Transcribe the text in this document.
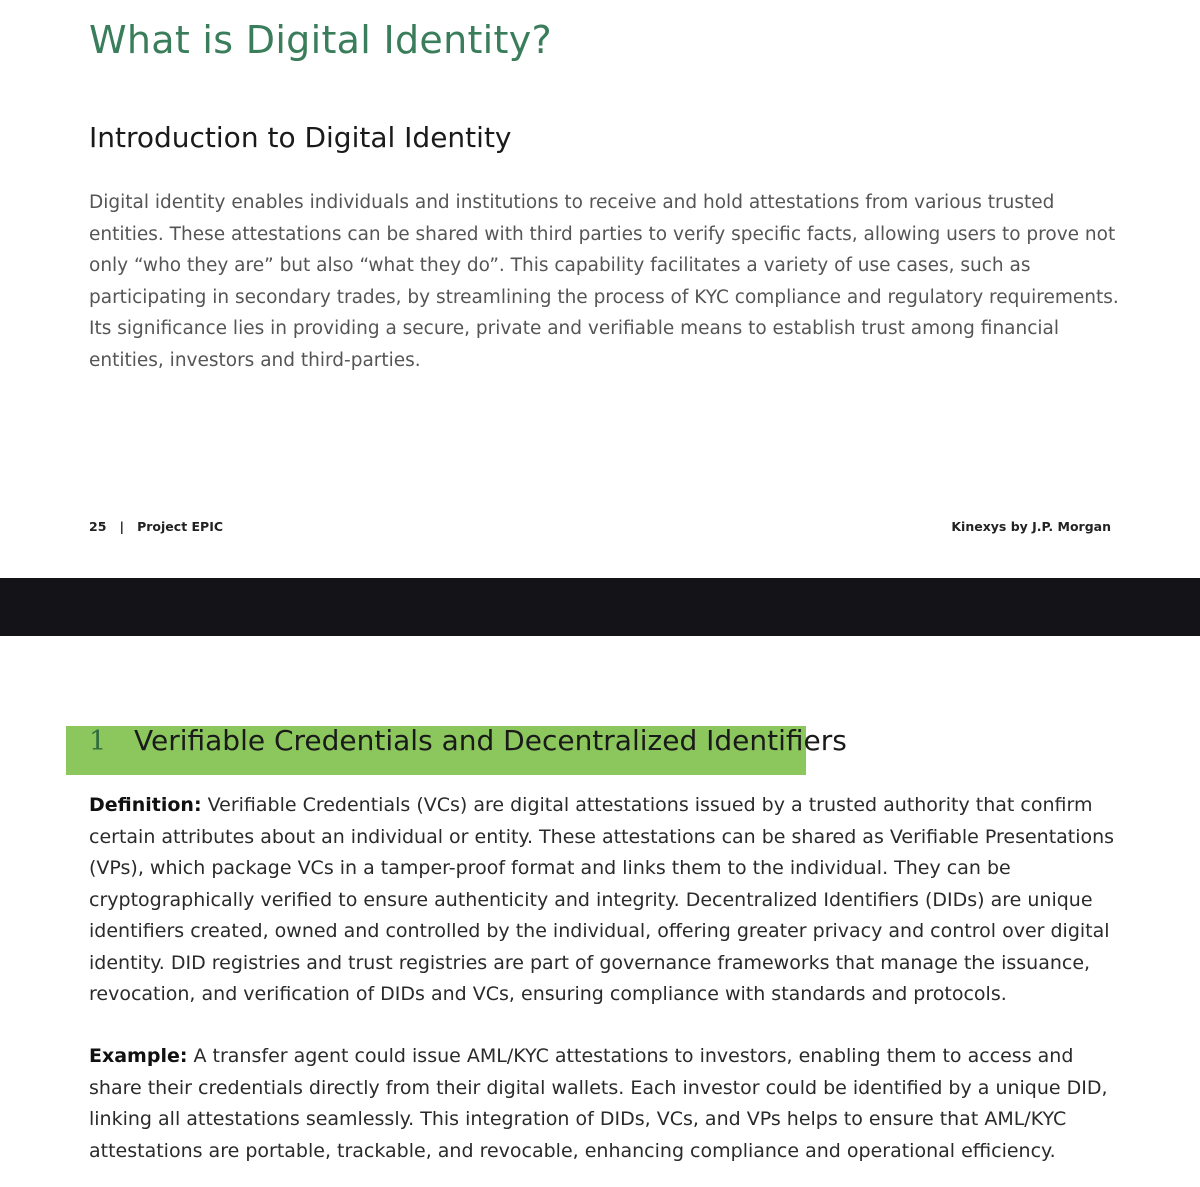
What is Digital Identity?
Introduction to Digital Identity

Digital identity enables individuals and institutions to receive and hold attestations from various trusted entities. These attestations can be shared with third parties to verify specific facts, allowing users to prove not only “who they are” but also “what they do”. This capability facilitates a variety of use cases, such as participating in secondary trades, by streamlining the process of KYC compliance and regulatory requirements. Its significance lies in providing a secure, private and verifiable means to establish trust among financial entities, investors and third-parties.

25 | Project EPIC	Kinexys by J.P. Morgan
1 Verifiable Credentials and Decentralized Identifiers

Definition: Verifiable Credentials (VCs) are digital attestations issued by a trusted authority that confirm certain attributes about an individual or entity. These attestations can be shared as Verifiable Presentations (VPs), which package VCs in a tamper-proof format and links them to the individual. They can be cryptographically verified to ensure authenticity and integrity. Decentralized Identifiers (DIDs) are unique identifiers created, owned and controlled by the individual, offering greater privacy and control over digital identity. DID registries and trust registries are part of governance frameworks that manage the issuance, revocation, and verification of DIDs and VCs, ensuring compliance with standards and protocols.

Example: A transfer agent could issue AML/KYC attestations to investors, enabling them to access and share their credentials directly from their digital wallets. Each investor could be identified by a unique DID, linking all attestations seamlessly. This integration of DIDs, VCs, and VPs helps to ensure that AML/KYC attestations are portable, trackable, and revocable, enhancing compliance and operational efficiency.
